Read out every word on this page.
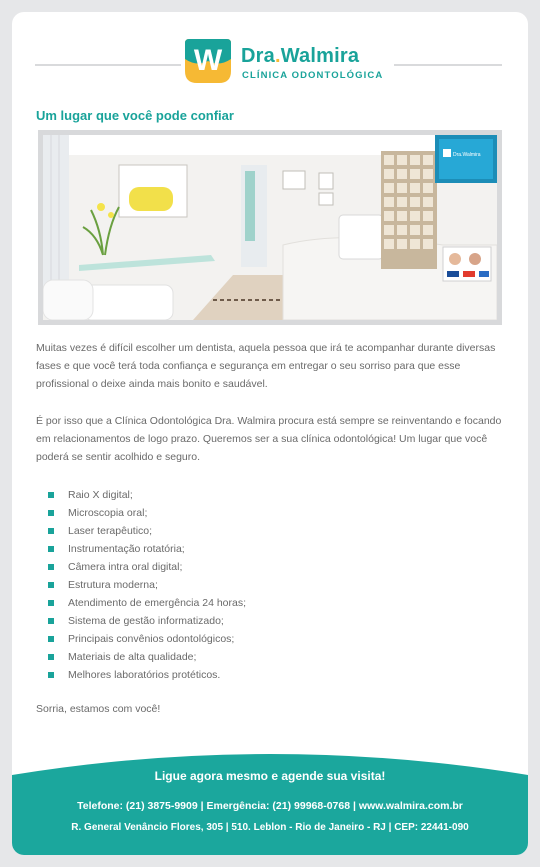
W Dra.Walmira
CLÍNICA ODONTOLÓGICA
Um lugar que você pode confiar
Dra.Walmira

Muitas vezes é difícil escolher um dentista, aquela pessoa que irá te acompanhar durante diversas fases e que você terá toda confiança e segurança em entregar o seu sorriso para que esse profissional o deixe ainda mais bonito e saudável.

É por isso que a Clínica Odontológica Dra. Walmira procura está sempre se reinventando e focando em relacionamentos de logo prazo. Queremos ser a sua clínica odontológica! Um lugar que você poderá se sentir acolhido e seguro.

Raio X digital;
Microscopia oral;
Laser terapêutico;
Instrumentação rotatória;
Câmera intra oral digital;
Estrutura moderna;
Atendimento de emergência 24 horas;
Sistema de gestão informatizado;
Principais convênios odontológicos;
Materiais de alta qualidade;
Melhores laboratórios protéticos.

Sorria, estamos com você!

Ligue agora mesmo e agende sua visita!
Telefone: (21) 3875-9909 | Emergência: (21) 99968-0768 | www.walmira.com.br
R. General Venâncio Flores, 305 | 510. Leblon - Rio de Janeiro - RJ | CEP: 22441-090
